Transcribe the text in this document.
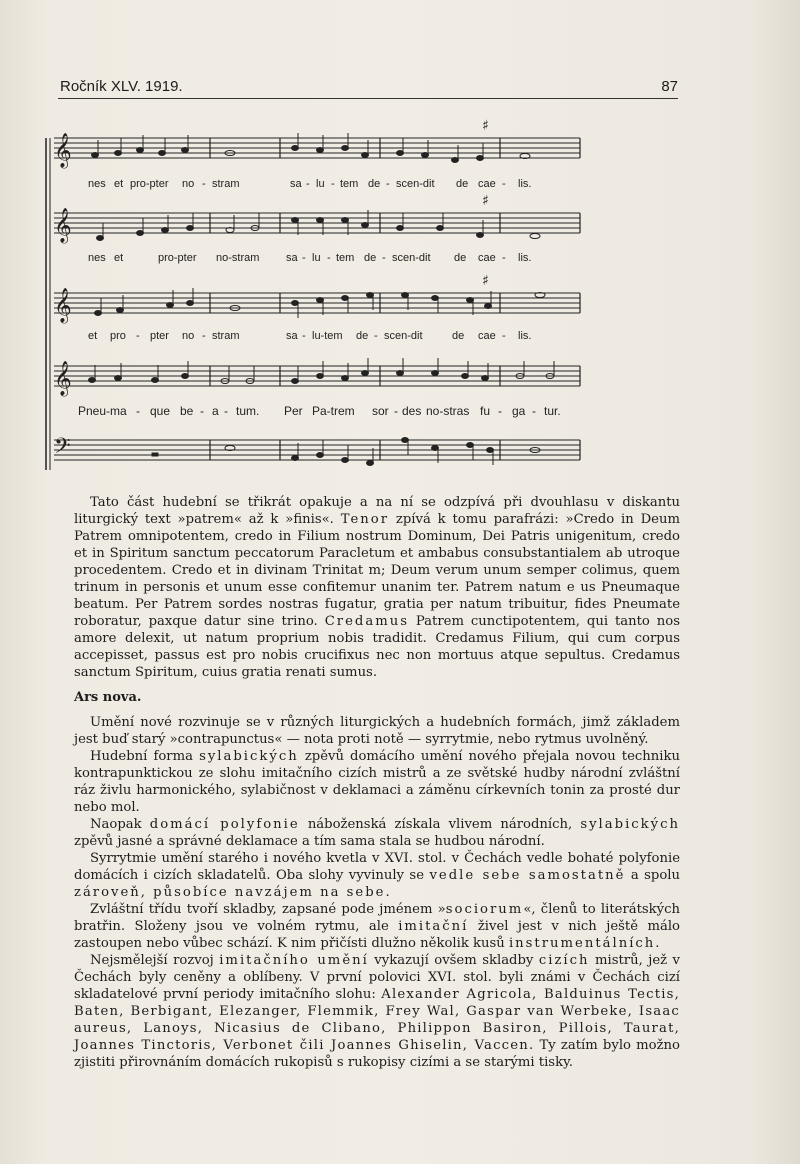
Ročník XLV. 1919.	87
𝄞
𝄞
𝄞
𝄞
𝄢
♯
♯
♯
nes et pro-pter no - stram	sa - lu - tem de - scen-dit de cae - lis.
nes et	pro-pter no-stram sa - lu - tem de - scen-dit de cae - lis.
et pro - pter no - stram	sa - lu-tem de - scen-dit	de cae - lis.
Pneu-ma - que be - a - tum. Per Pa-trem sor - des no-stras fu - ga - tur.

Tato část hudební se třikrát opakuje a na ní se odzpívá při dvouhlasu v diskantu liturgický text »patrem« až k »finis«. Tenor zpívá k tomu parafrázi: »Credo in Deum Patrem omnipotentem, credo in Filium nostrum Dominum, Dei Patris unigenitum, credo et in Spiritum sanctum peccatorum Paracletum et ambabus consubstantialem ab utroque procedentem. Credo et in divinam Trinitat m; Deum verum unum semper colimus, quem trinum in personis et unum esse confitemur unanim ter. Patrem natum e us Pneumaque beatum. Per Patrem sordes nostras fugatur, gratia per natum tribuitur, fides Pneumate roboratur, paxque datur sine trino. Credamus Patrem cunctipotentem, qui tanto nos amore delexit, ut natum proprium nobis tradidit. Credamus Filium, qui cum corpus accepisset, passus est pro nobis crucifixus nec non mortuus atque sepultus. Credamus sanctum Spiritum, cuius gratia renati sumus.

Ars nova.

Umění nové rozvinuje se v různých liturgických a hudebních formách, jimž základem jest buď starý »contrapunctus« — nota proti notě — syrrytmie, nebo rytmus uvolněný.

Hudební forma sylabických zpěvů domácího umění nového přejala novou techniku kontrapunktickou ze slohu imitačního cizích mistrů a ze světské hudby národní zvláštní ráz živlu harmonického, sylabičnost v deklamaci a záměnu církevních tonin za prosté dur nebo mol.

Naopak domácí polyfonie náboženská získala vlivem národních, sylabických zpěvů jasné a správné deklamace a tím sama stala se hudbou národní.

Syrrytmie umění starého i nového kvetla v XVI. stol. v Čechách vedle bohaté polyfonie domácích i cizích skladatelů. Oba slohy vyvinuly se vedle sebe samostatně a spolu zároveň, působíce navzájem na sebe.

Zvláštní třídu tvoří skladby, zapsané pode jménem »sociorum«, členů to literátských bratřin. Složeny jsou ve volném rytmu, ale imitační živel jest v nich ještě málo zastoupen nebo vůbec schází. K nim přičísti dlužno několik kusů instrumentálních.

Nejsmělejší rozvoj imitačního umění vykazují ovšem skladby cizích mistrů, jež v Čechách byly ceněny a oblíbeny. V první polovici XVI. stol. byli známi v Čechách cizí skladatelové první periody imitačního slohu: Alexander Agricola, Balduinus Tectis, Baten, Berbigant, Elezanger, Flemmik, Frey Wal, Gaspar van Werbeke, Isaac aureus, Lanoys, Nicasius de Clibano, Philippon Basiron, Pillois, Taurat, Joannes Tinctoris, Verbonet čili Joannes Ghiselin, Vaccen. Ty zatím bylo možno zjistiti přirovnáním domácích rukopisů s rukopisy cizími a se starými tisky.
